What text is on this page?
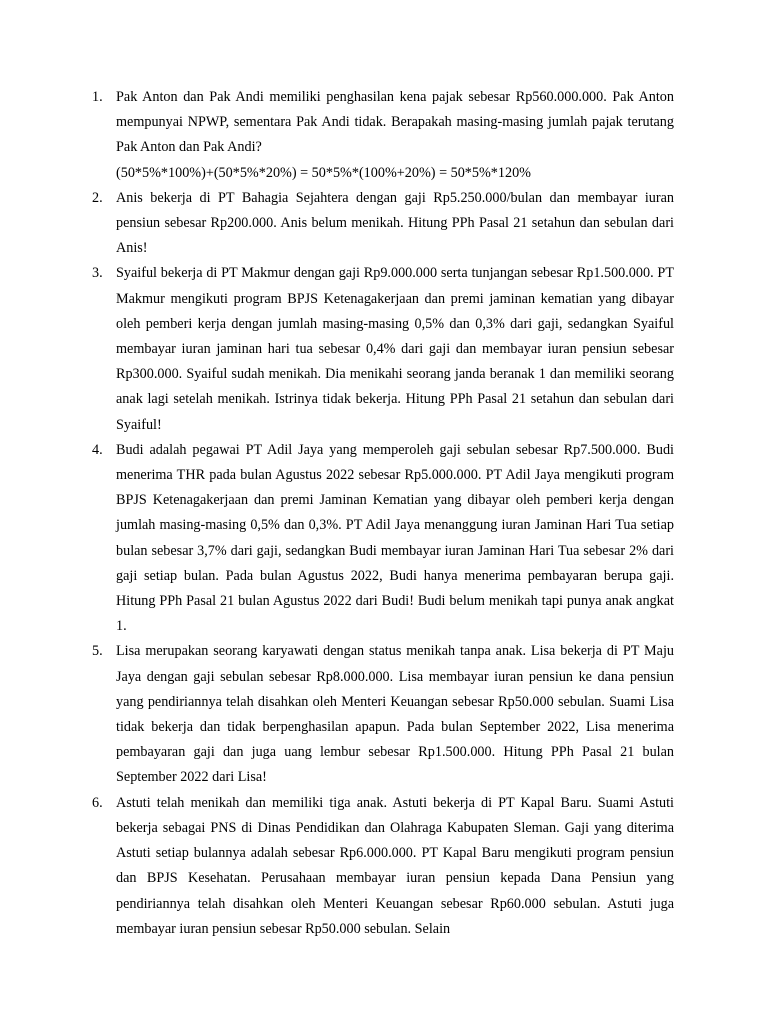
1. Pak Anton dan Pak Andi memiliki penghasilan kena pajak sebesar Rp560.000.000. Pak Anton mempunyai NPWP, sementara Pak Andi tidak. Berapakah masing-masing jumlah pajak terutang Pak Anton dan Pak Andi?
(50*5%*100%)+(50*5%*20%) = 50*5%*(100%+20%) = 50*5%*120%
2. Anis bekerja di PT Bahagia Sejahtera dengan gaji Rp5.250.000/bulan dan membayar iuran pensiun sebesar Rp200.000. Anis belum menikah. Hitung PPh Pasal 21 setahun dan sebulan dari Anis!
3. Syaiful bekerja di PT Makmur dengan gaji Rp9.000.000 serta tunjangan sebesar Rp1.500.000. PT Makmur mengikuti program BPJS Ketenagakerjaan dan premi jaminan kematian yang dibayar oleh pemberi kerja dengan jumlah masing-masing 0,5% dan 0,3% dari gaji, sedangkan Syaiful membayar iuran jaminan hari tua sebesar 0,4% dari gaji dan membayar iuran pensiun sebesar Rp300.000. Syaiful sudah menikah. Dia menikahi seorang janda beranak 1 dan memiliki seorang anak lagi setelah menikah. Istrinya tidak bekerja. Hitung PPh Pasal 21 setahun dan sebulan dari Syaiful!
4. Budi adalah pegawai PT Adil Jaya yang memperoleh gaji sebulan sebesar Rp7.500.000. Budi menerima THR pada bulan Agustus 2022 sebesar Rp5.000.000. PT Adil Jaya mengikuti program BPJS Ketenagakerjaan dan premi Jaminan Kematian yang dibayar oleh pemberi kerja dengan jumlah masing-masing 0,5% dan 0,3%. PT Adil Jaya menanggung iuran Jaminan Hari Tua setiap bulan sebesar 3,7% dari gaji, sedangkan Budi membayar iuran Jaminan Hari Tua sebesar 2% dari gaji setiap bulan. Pada bulan Agustus 2022, Budi hanya menerima pembayaran berupa gaji. Hitung PPh Pasal 21 bulan Agustus 2022 dari Budi! Budi belum menikah tapi punya anak angkat 1.
5. Lisa merupakan seorang karyawati dengan status menikah tanpa anak. Lisa bekerja di PT Maju Jaya dengan gaji sebulan sebesar Rp8.000.000. Lisa membayar iuran pensiun ke dana pensiun yang pendiriannya telah disahkan oleh Menteri Keuangan sebesar Rp50.000 sebulan. Suami Lisa tidak bekerja dan tidak berpenghasilan apapun. Pada bulan September 2022, Lisa menerima pembayaran gaji dan juga uang lembur sebesar Rp1.500.000. Hitung PPh Pasal 21 bulan September 2022 dari Lisa!
6. Astuti telah menikah dan memiliki tiga anak. Astuti bekerja di PT Kapal Baru. Suami Astuti bekerja sebagai PNS di Dinas Pendidikan dan Olahraga Kabupaten Sleman. Gaji yang diterima Astuti setiap bulannya adalah sebesar Rp6.000.000. PT Kapal Baru mengikuti program pensiun dan BPJS Kesehatan. Perusahaan membayar iuran pensiun kepada Dana Pensiun yang pendiriannya telah disahkan oleh Menteri Keuangan sebesar Rp60.000 sebulan. Astuti juga membayar iuran pensiun sebesar Rp50.000 sebulan. Selain
